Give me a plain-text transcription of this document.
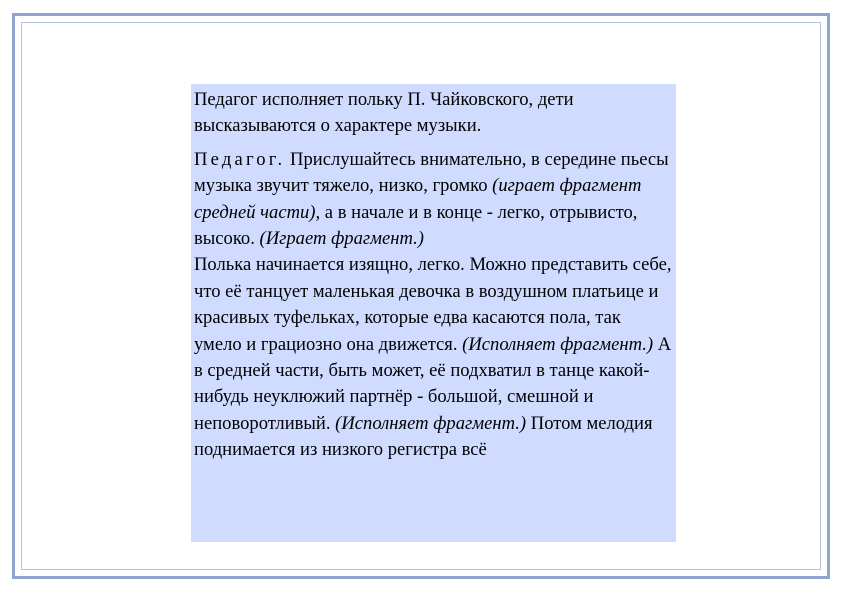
Педагог исполняет польку П. Чайковского, дети высказываются о характере музыки.

Педагог. Прислушайтесь внимательно, в середине пьесы музыка звучит тяжело, низко, громко (играет фрагмент средней части), а в начале и в конце - легко, отрывисто, высоко. (Играет фрагмент.)

Полька начинается изящно, легко. Можно представить себе, что её танцует маленькая девочка в воздушном платьице и красивых туфельках, которые едва касаются пола, так умело и грациозно она движется. (Исполняет фрагмент.) А в средней части, быть может, её подхватил в танце какой-нибудь неуклюжий партнёр - большой, смешной и неповоротливый. (Исполняет фрагмент.) Потом мелодия поднимается из низкого регистра всё
